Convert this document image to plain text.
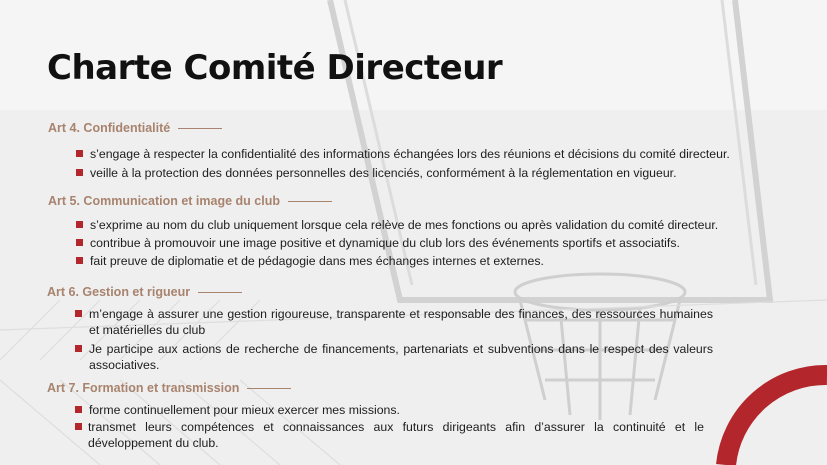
Charte Comité Directeur
Art 4. Confidentialité
s’engage à respecter la confidentialité des informations échangées lors des réunions et décisions du comité directeur.
veille à la protection des données personnelles des licenciés, conformément à la réglementation en vigueur.
Art 5. Communication et image du club
s’exprime au nom du club uniquement lorsque cela relève de mes fonctions ou après validation du comité directeur.
contribue à promouvoir une image positive et dynamique du club lors des événements sportifs et associatifs.
fait preuve de diplomatie et de pédagogie dans mes échanges internes et externes.
Art 6. Gestion et rigueur
m’engage à assurer une gestion rigoureuse, transparente et responsable des finances, des ressources humaines et matérielles du club
Je participe aux actions de recherche de financements, partenariats et subventions dans le respect des valeurs associatives.
Art 7. Formation et transmission
forme continuellement pour mieux exercer mes missions.
transmet leurs compétences et connaissances aux futurs dirigeants afin d’assurer la continuité et le développement du club.
